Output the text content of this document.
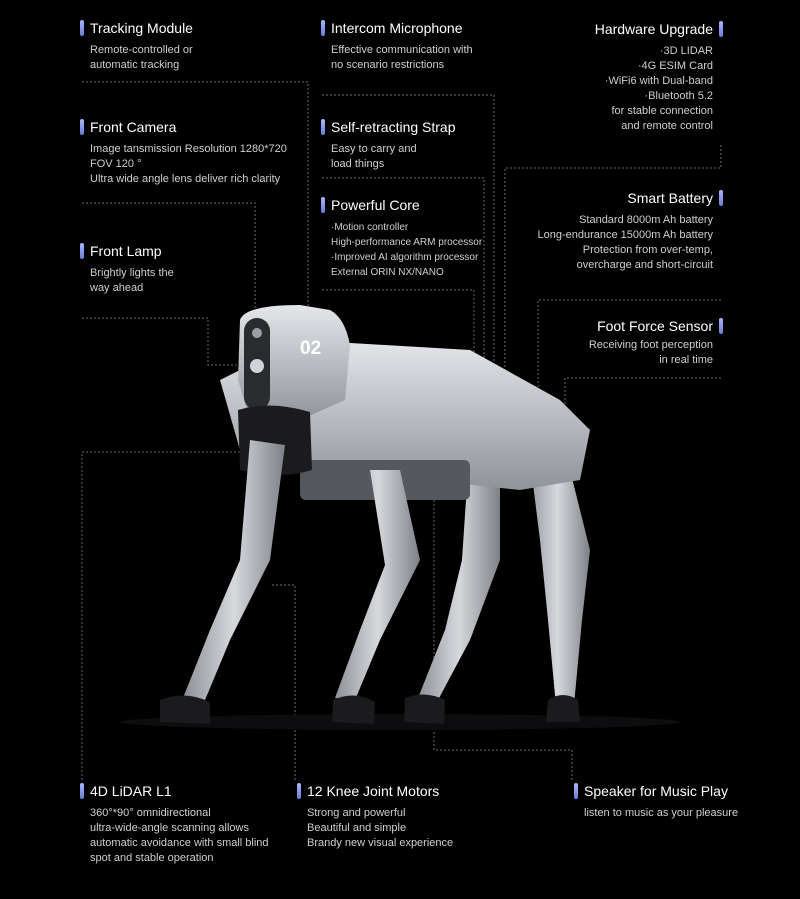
02
Tracking Module
Remote-controlled or
automatic tracking
Front Camera
Image tansmission Resolution 1280*720
FOV 120 °
Ultra wide angle lens deliver rich clarity
Front Lamp
Brightly lights the
way ahead
Intercom Microphone
Effective communication with
no scenario restrictions
Self-retracting Strap
Easy to carry and
load things
Powerful Core
·Motion controller
High-performance ARM processor
·Improved AI algorithm processor
External ORIN NX/NANO
Hardware Upgrade
·3D LIDAR
·4G ESIM Card
·WiFi6 with Dual-band
·Bluetooth 5.2
for stable connection
and remote control
Smart Battery
Standard 8000m Ah battery
Long-endurance 15000m Ah battery
Protection from over-temp,
overcharge and short-circuit
Foot Force Sensor
Receiving foot perception
in real time
4D LiDAR L1
360°*90° omnidirectional
ultra-wide-angle scanning allows
automatic avoidance with small blind
spot and stable operation
12 Knee Joint Motors
Strong and powerful
Beautiful and simple
Brandy new visual experience
Speaker for Music Play
listen to music as your pleasure
